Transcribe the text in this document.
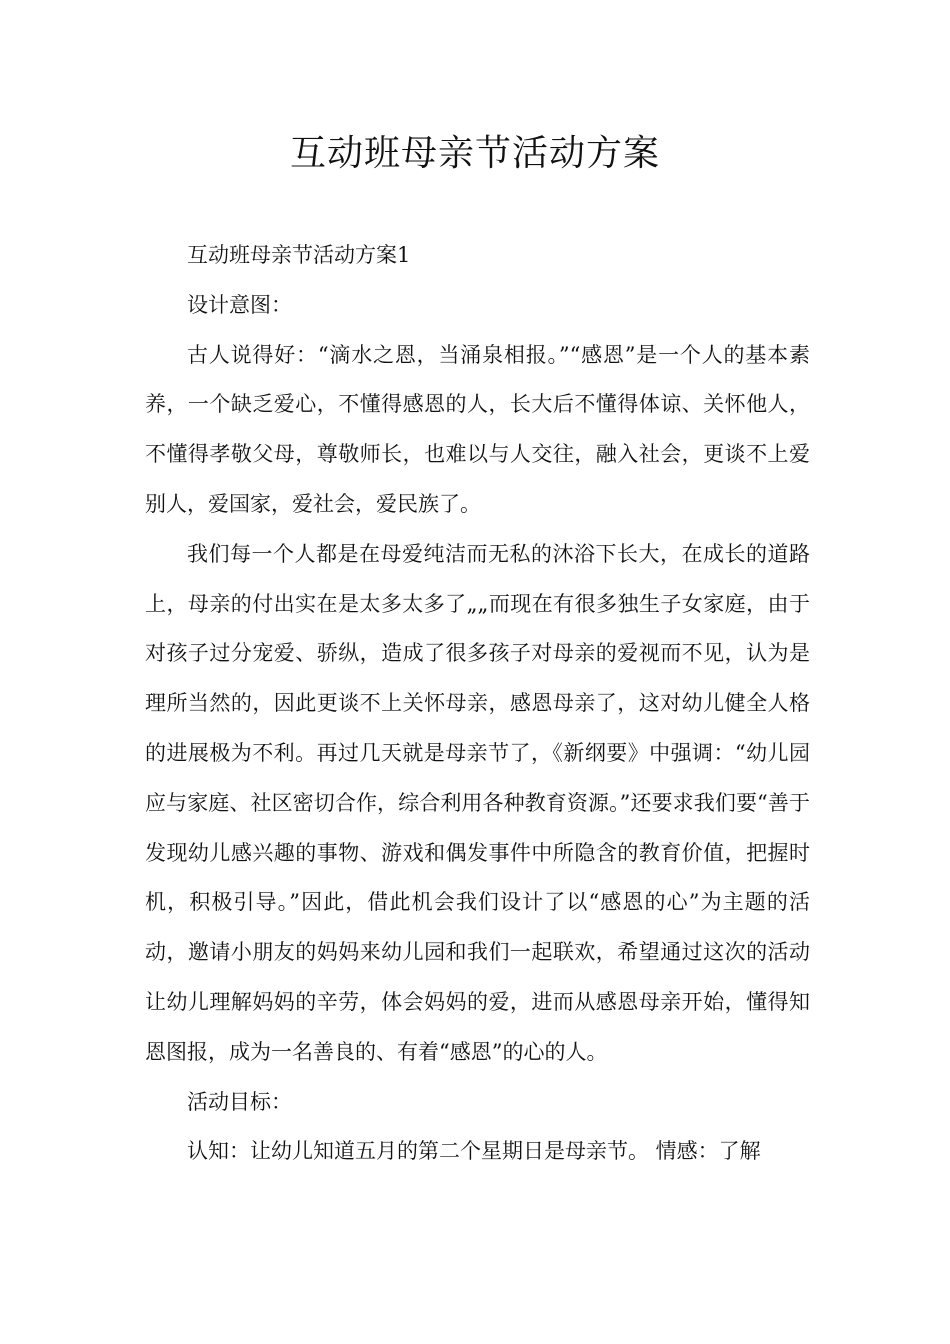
互动班母亲节活动方案

互动班母亲节活动方案1

设计意图：

古人说得好：“滴水之恩，当涌泉相报。”“感恩”是一个人的基本素养，一个缺乏爱心，不懂得感恩的人，长大后不懂得体谅、关怀他人，不懂得孝敬父母，尊敬师长，也难以与人交往，融入社会，更谈不上爱别人，爱国家，爱社会，爱民族了。

我们每一个人都是在母爱纯洁而无私的沐浴下长大，在成长的道路上，母亲的付出实在是太多太多了„„而现在有很多独生子女家庭，由于对孩子过分宠爱、骄纵，造成了很多孩子对母亲的爱视而不见，认为是理所当然的，因此更谈不上关怀母亲，感恩母亲了，这对幼儿健全人格的进展极为不利。再过几天就是母亲节了，《新纲要》中强调：“幼儿园应与家庭、社区密切合作，综合利用各种教育资源。”还要求我们要“善于发现幼儿感兴趣的事物、游戏和偶发事件中所隐含的教育价值，把握时机，积极引导。”因此，借此机会我们设计了以“感恩的心”为主题的活动，邀请小朋友的妈妈来幼儿园和我们一起联欢，希望通过这次的活动让幼儿理解妈妈的辛劳，体会妈妈的爱，进而从感恩母亲开始，懂得知恩图报，成为一名善良的、有着“感恩”的心的人。

活动目标：

认知：让幼儿知道五月的第二个星期日是母亲节。 情感：了解
